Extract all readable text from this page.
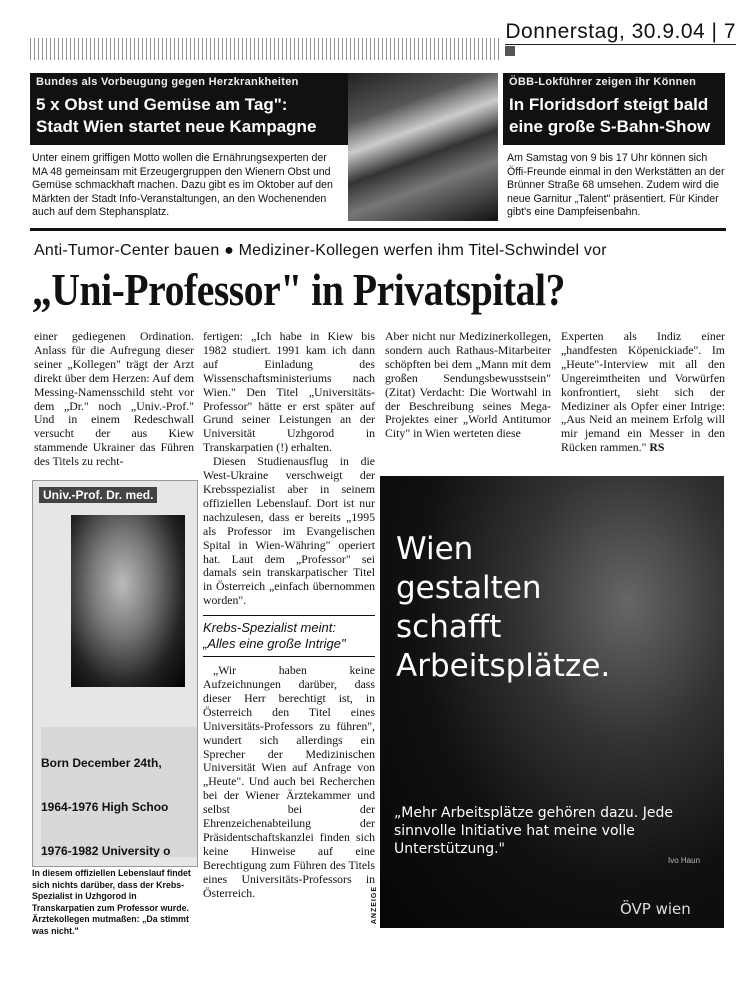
Donnerstag, 30.9.04 | 7
Bundes als Vorbeugung gegen Herzkrankheiten
5 x Obst und Gemüse am Tag":
Stadt Wien startet neue Kampagne
Unter einem griffigen Motto wollen die Ernährungsexperten der MA 48 gemeinsam mit Erzeugergruppen den Wienern Obst und Gemüse schmackhaft machen. Dazu gibt es im Oktober auf den Märkten der Stadt Info-Veranstaltungen, an den Wochenenden auch auf dem Stephansplatz.
ÖBB-Lokführer zeigen ihr Können
In Floridsdorf steigt bald
eine große S-Bahn-Show
Am Samstag von 9 bis 17 Uhr können sich Öffi-Freunde einmal in den Werkstätten an der Brünner Straße 68 umsehen. Zudem wird die neue Garnitur „Talent" präsentiert. Für Kinder gibt's eine Dampfeisenbahn.
Anti-Tumor-Center bauen ● Mediziner-Kollegen werfen ihm Titel-Schwindel vor
„Uni-Professor" in Privatspital?

einer gediegenen Ordination. Anlass für die Aufregung dieser seiner „Kollegen" trägt der Arzt direkt über dem Herzen: Auf dem Messing-Namensschild steht vor dem „Dr." noch „Univ.-Prof." Und in einem Redeschwall versucht der aus Kiew stammende Ukrainer das Führen des Titels zu recht-

fertigen: „Ich habe in Kiew bis 1982 studiert. 1991 kam ich dann auf Einladung des Wissenschaftsministeriums nach Wien." Den Titel „Universitäts-Professor" hätte er erst später auf Grund seiner Leistungen an der Universität Uzhgorod in Transkarpatien (!) erhalten.

Diesen Studienausflug in die West-Ukraine verschweigt der Krebsspezialist aber in seinem offiziellen Lebenslauf. Dort ist nur nachzulesen, dass er bereits „1995 als Professor im Evangelischen Spital in Wien-Währing" operiert hat. Laut dem „Professor" sei damals sein transkarpatischer Titel in Österreich „einfach übernommen worden".

Krebs-Spezialist meint:
„Alles eine große Intrige"

„Wir haben keine Aufzeichnungen darüber, dass dieser Herr berechtigt ist, in Österreich den Titel eines Universitäts-Professors zu führen", wundert sich allerdings ein Sprecher der Medizinischen Universität Wien auf Anfrage von „Heute". Und auch bei Recherchen bei der Wiener Ärztekammer und selbst bei der Ehrenzeichenabteilung der Präsidentschaftskanzlei finden sich keine Hinweise auf eine Berechtigung zum Führen des Titels eines Universitäts-Professors in Österreich.

Aber nicht nur Medizinerkollegen, sondern auch Rathaus-Mitarbeiter schöpften bei dem „Mann mit dem großen Sendungsbewusstsein" (Zitat) Verdacht: Die Wortwahl in der Beschreibung seines Mega-Projektes einer „World Antitumor City" in Wien werteten diese

Experten als Indiz einer „handfesten Köpenickiade". Im „Heute"-Interview mit all den Ungereimtheiten und Vorwürfen konfrontiert, sieht sich der Mediziner als Opfer einer Intrige: „Aus Neid an meinem Erfolg will mir jemand ein Messer in den Rücken rammen." RS

Univ.-Prof. Dr. med.

Born December 24th,

1964-1976 High Schoo

1976-1982 University o

In diesem offiziellen Lebenslauf findet sich nichts darüber, dass der Krebs-Spezialist in Uzhgorod in Transkarpatien zum Professor wurde. Ärztekollegen mutmaßen: „Da stimmt was nicht."
ANZEIGE
Wien
gestalten
schafft
Arbeitsplätze.
„Mehr Arbeitsplätze gehören dazu. Jede sinnvolle Initiative hat meine volle Unterstützung."
Ivo Haun
ÖVP wien
